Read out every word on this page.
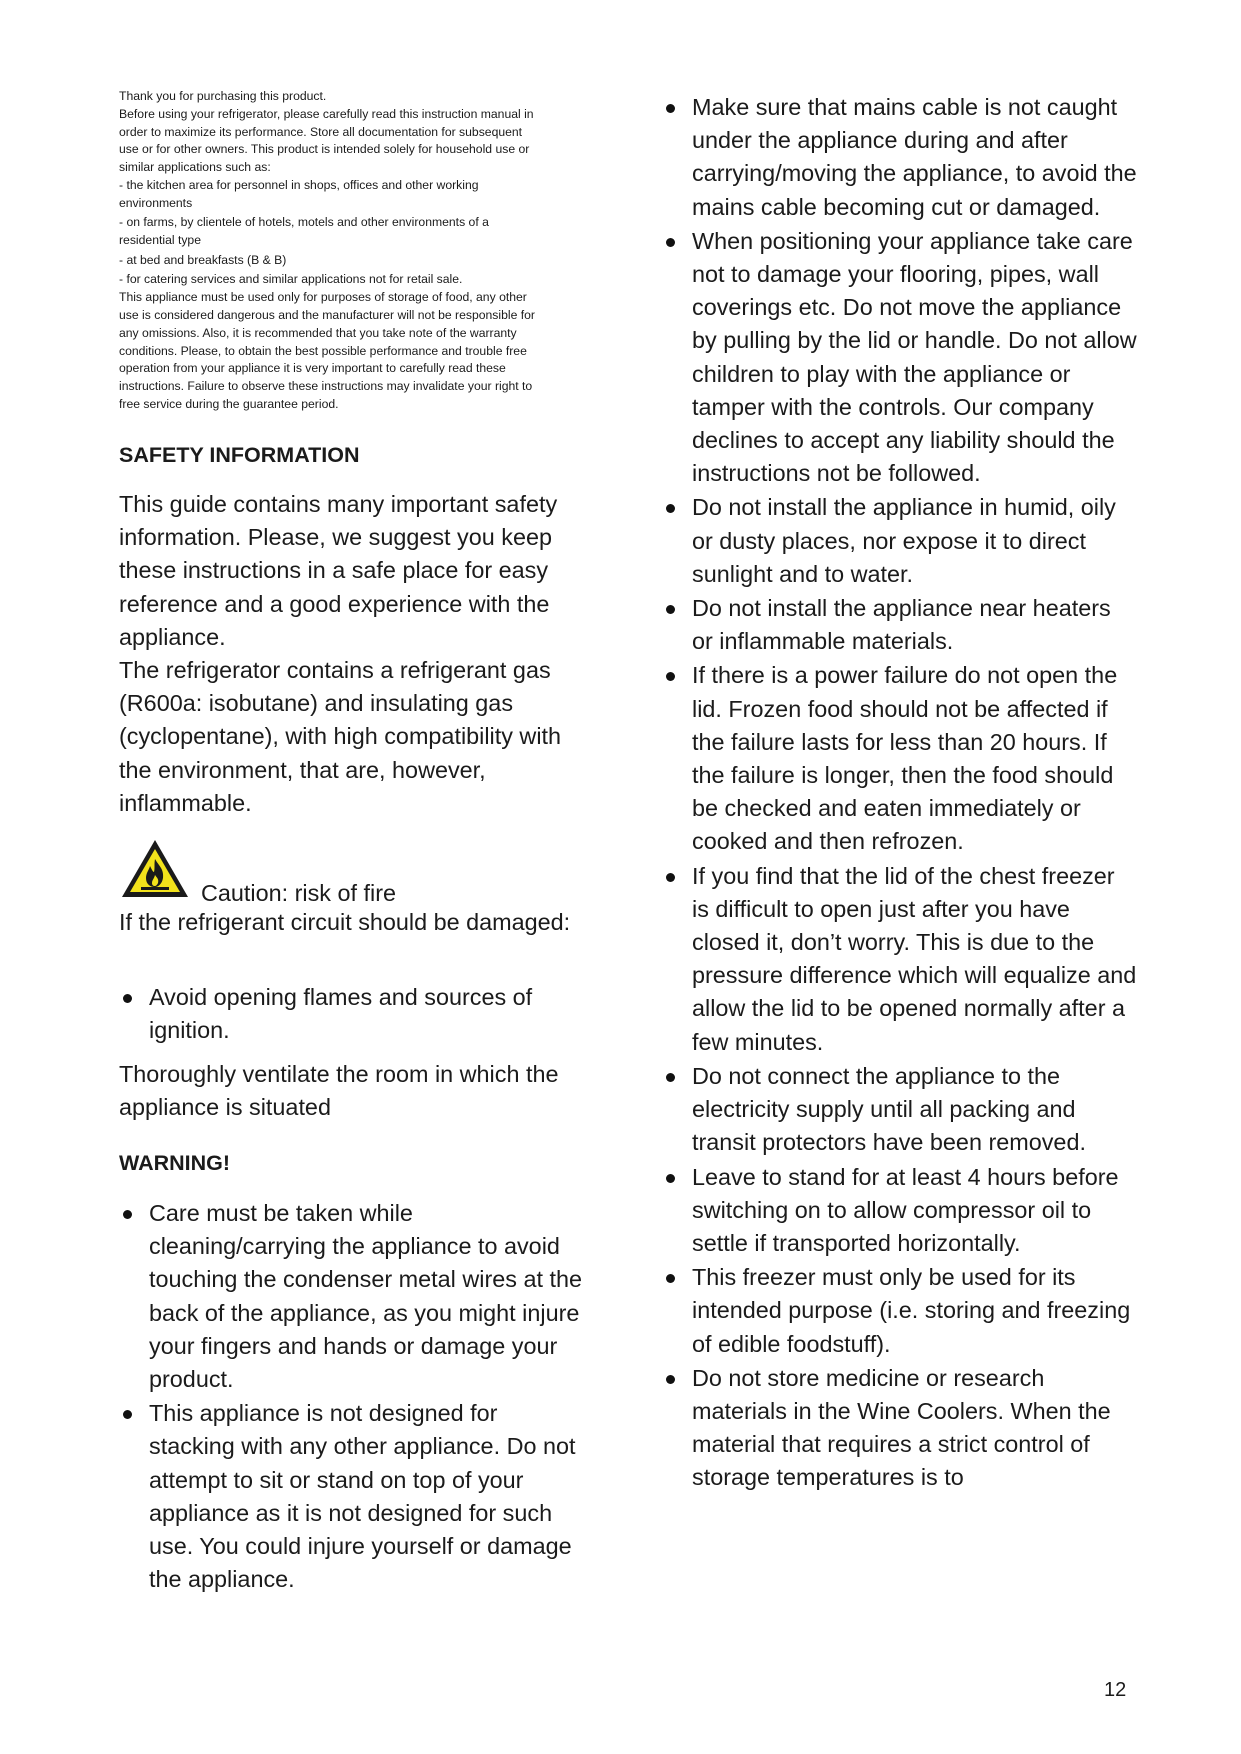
Thank you for purchasing this product.

Before using your refrigerator, please carefully read this instruction manual in

order to maximize its performance. Store all documentation for subsequent

use or for other owners. This product is intended solely for household use or

similar applications such as:

- the kitchen area for personnel in shops, offices and other working

environments

- on farms, by clientele of hotels, motels and other environments of a

residential type

- at bed and breakfasts (B & B)

- for catering services and similar applications not for retail sale.

This appliance must be used only for purposes of storage of food, any other

use is considered dangerous and the manufacturer will not be responsible for

any omissions. Also, it is recommended that you take note of the warranty

conditions. Please, to obtain the best possible performance and trouble free

operation from your appliance it is very important to carefully read these

instructions. Failure to observe these instructions may invalidate your right to

free service during the guarantee period.

SAFETY INFORMATION

This guide contains many important safety information. Please, we suggest you keep these instructions in a safe place for easy reference and a good experience with the appliance.

The refrigerator contains a refrigerant gas (R600a: isobutane) and insulating gas (cyclopentane), with high compatibility with the environment, that are, however, inflammable.

Caution: risk of fire

If the refrigerant circuit should be damaged:

Avoid opening flames and sources of ignition.

Thoroughly ventilate the room in which the appliance is situated

WARNING!
Care must be taken while cleaning/carrying the appliance to avoid touching the condenser metal wires at the back of the appliance, as you might injure your fingers and hands or damage your product.
This appliance is not designed for stacking with any other appliance. Do not attempt to sit or stand on top of your appliance as it is not designed for such use. You could injure yourself or damage the appliance.
Make sure that mains cable is not caught under the appliance during and after carrying/moving the appliance, to avoid the mains cable becoming cut or damaged.
When positioning your appliance take care not to damage your flooring, pipes, wall coverings etc. Do not move the appliance by pulling by the lid or handle. Do not allow children to play with the appliance or tamper with the controls. Our company declines to accept any liability should the instructions not be followed.
Do not install the appliance in humid, oily or dusty places, nor expose it to direct sunlight and to water.
Do not install the appliance near heaters or inflammable materials.
If there is a power failure do not open the lid. Frozen food should not be affected if the failure lasts for less than 20 hours. If the failure is longer, then the food should be checked and eaten immediately or cooked and then refrozen.
If you find that the lid of the chest freezer is difficult to open just after you have closed it, don’t worry. This is due to the pressure difference which will equalize and allow the lid to be opened normally after a few minutes.
Do not connect the appliance to the electricity supply until all packing and transit protectors have been removed.
Leave to stand for at least 4 hours before switching on to allow compressor oil to settle if transported horizontally.
This freezer must only be used for its intended purpose (i.e. storing and freezing of edible foodstuff).
Do not store medicine or research materials in the Wine Coolers. When the material that requires a strict control of storage temperatures is to
12
